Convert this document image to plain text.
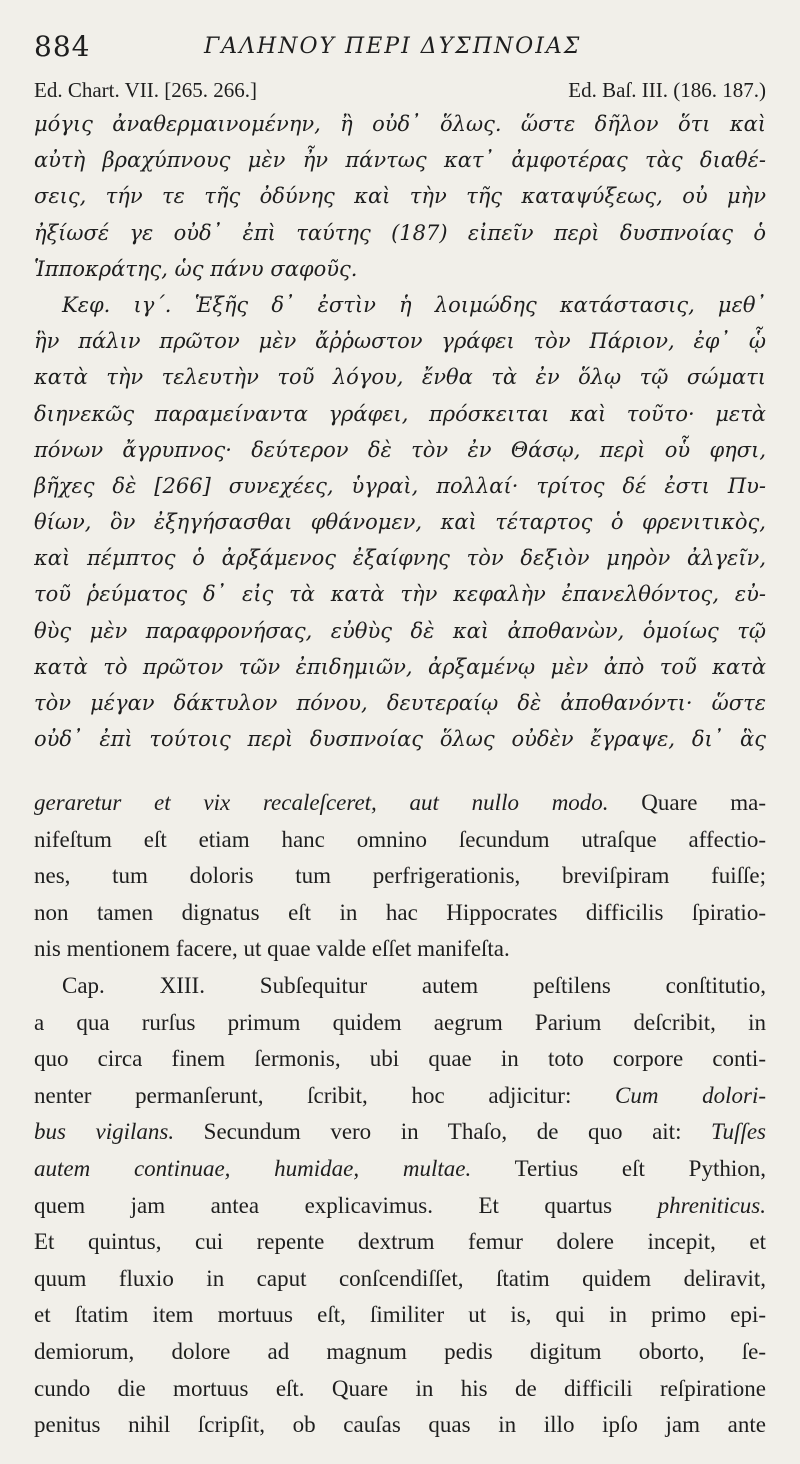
884	ΓΑΛΗΝΟΥ ΠΕΡΙ ΔΥΣΠΝΟΙΑΣ
Ed. Chart. VII. [265. 266.]	Ed. Baſ. III. (186. 187.)
μόγις ἀναθερμαινομένην, ἢ οὐδ᾽ ὅλως. ὥστε δῆλον ὅτι καὶ
αὐτὴ βραχύπνους μὲν ἦν πάντως κατ᾽ ἀμφοτέρας τὰς διαθέ-
σεις, τήν τε τῆς ὀδύνης καὶ τὴν τῆς καταψύξεως, οὐ μὴν
ἠξίωσέ γε οὐδ᾽ ἐπὶ ταύτης (187) εἰπεῖν περὶ δυσπνοίας ὁ
Ἱπποκράτης, ὡς πάνυ σαφοῦς.
Κεφ. ιγ΄. Ἑξῆς δ᾽ ἐστὶν ἡ λοιμώδης κατάστασις, μεθ᾽
ἣν πάλιν πρῶτον μὲν ἄῤῥωστον γράφει τὸν Πάριον, ἐφ᾽ ᾧ
κατὰ τὴν τελευτὴν τοῦ λόγου, ἔνθα τὰ ἐν ὅλῳ τῷ σώματι
διηνεκῶς παραμείναντα γράφει, πρόσκειται καὶ τοῦτο· μετὰ
πόνων ἄγρυπνος· δεύτερον δὲ τὸν ἐν Θάσῳ, περὶ οὗ φησι,
βῆχες δὲ [266] συνεχέες, ὑγραὶ, πολλαί· τρίτος δέ ἐστι Πυ-
θίων, ὃν ἐξηγήσασθαι φθάνομεν, καὶ τέταρτος ὁ φρενιτικὸς,
καὶ πέμπτος ὁ ἀρξάμενος ἐξαίφνης τὸν δεξιὸν μηρὸν ἀλγεῖν,
τοῦ ῥεύματος δ᾽ εἰς τὰ κατὰ τὴν κεφαλὴν ἐπανελθόντος, εὐ-
θὺς μὲν παραφρονήσας, εὐθὺς δὲ καὶ ἀποθανὼν, ὁμοίως τῷ
κατὰ τὸ πρῶτον τῶν ἐπιδημιῶν, ἀρξαμένῳ μὲν ἀπὸ τοῦ κατὰ
τὸν μέγαν δάκτυλον πόνου, δευτεραίῳ δὲ ἀποθανόντι· ὥστε
οὐδ᾽ ἐπὶ τούτοις περὶ δυσπνοίας ὅλως οὐδὲν ἔγραψε, δι᾽ ἃς
geraretur et vix recaleſceret, aut nullo modo. Quare ma-
nifeſtum eſt etiam hanc omnino ſecundum utraſque affectio-
nes, tum doloris tum perfrigerationis, breviſpiram fuiſſe;
non tamen dignatus eſt in hac Hippocrates difficilis ſpiratio-
nis mentionem facere, ut quae valde eſſet manifeſta.
Cap. XIII. Subſequitur autem peſtilens conſtitutio,
a qua rurſus primum quidem aegrum Parium deſcribit, in
quo circa finem ſermonis, ubi quae in toto corpore conti-
nenter permanſerunt, ſcribit, hoc adjicitur: Cum dolori-
bus vigilans. Secundum vero in Thaſo, de quo ait: Tuſſes
autem continuae, humidae, multae. Tertius eſt Pythion,
quem jam antea explicavimus. Et quartus phreniticus.
Et quintus, cui repente dextrum femur dolere incepit, et
quum fluxio in caput conſcendiſſet, ſtatim quidem deliravit,
et ſtatim item mortuus eſt, ſimiliter ut is, qui in primo epi-
demiorum, dolore ad magnum pedis digitum oborto, ſe-
cundo die mortuus eſt. Quare in his de difficili reſpiratione
penitus nihil ſcripſit, ob cauſas quas in illo ipſo jam ante
